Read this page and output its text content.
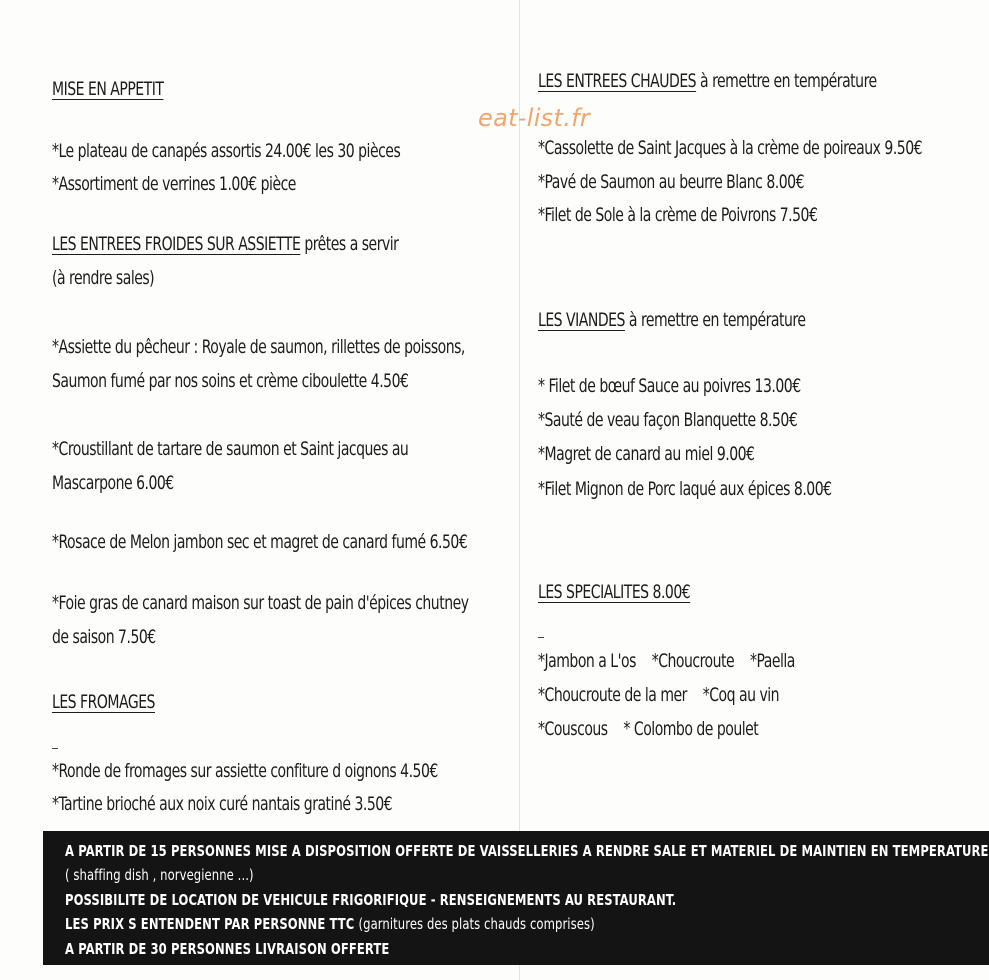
eat-list.fr
MISE EN APPETIT
*Le plateau de canapés assortis 24.00€ les 30 pièces
*Assortiment de verrines 1.00€ pièce
LES ENTREES FROIDES SUR ASSIETTE prêtes a servir
(à rendre sales)
*Assiette du pêcheur : Royale de saumon, rillettes de poissons,
Saumon fumé par nos soins et crème ciboulette 4.50€
*Croustillant de tartare de saumon et Saint jacques au
Mascarpone 6.00€
*Rosace de Melon jambon sec et magret de canard fumé 6.50€
*Foie gras de canard maison sur toast de pain d'épices chutney
de saison 7.50€
LES FROMAGES
*Ronde de fromages sur assiette confiture d oignons 4.50€
*Tartine brioché aux noix curé nantais gratiné 3.50€
LES ENTREES CHAUDES à remettre en température
*Cassolette de Saint Jacques à la crème de poireaux 9.50€
*Pavé de Saumon au beurre Blanc 8.00€
*Filet de Sole à la crème de Poivrons 7.50€
LES VIANDES à remettre en température
* Filet de bœuf Sauce au poivres 13.00€
*Sauté de veau façon Blanquette 8.50€
*Magret de canard au miel 9.00€
*Filet Mignon de Porc laqué aux épices 8.00€
LES SPECIALITES 8.00€
*Jambon a L'os    *Choucroute    *Paella
*Choucroute de la mer    *Coq au vin
*Couscous    * Colombo de poulet
A PARTIR DE 15 PERSONNES MISE A DISPOSITION OFFERTE DE VAISSELLERIES A RENDRE SALE ET MATERIEL DE MAINTIEN EN TEMPERATURE
( shaffing dish , norvegienne ...)
POSSIBILITE DE LOCATION DE VEHICULE FRIGORIFIQUE - RENSEIGNEMENTS AU RESTAURANT.
LES PRIX S ENTENDENT PAR PERSONNE TTC (garnitures des plats chauds comprises)
A PARTIR DE 30 PERSONNES LIVRAISON OFFERTE
